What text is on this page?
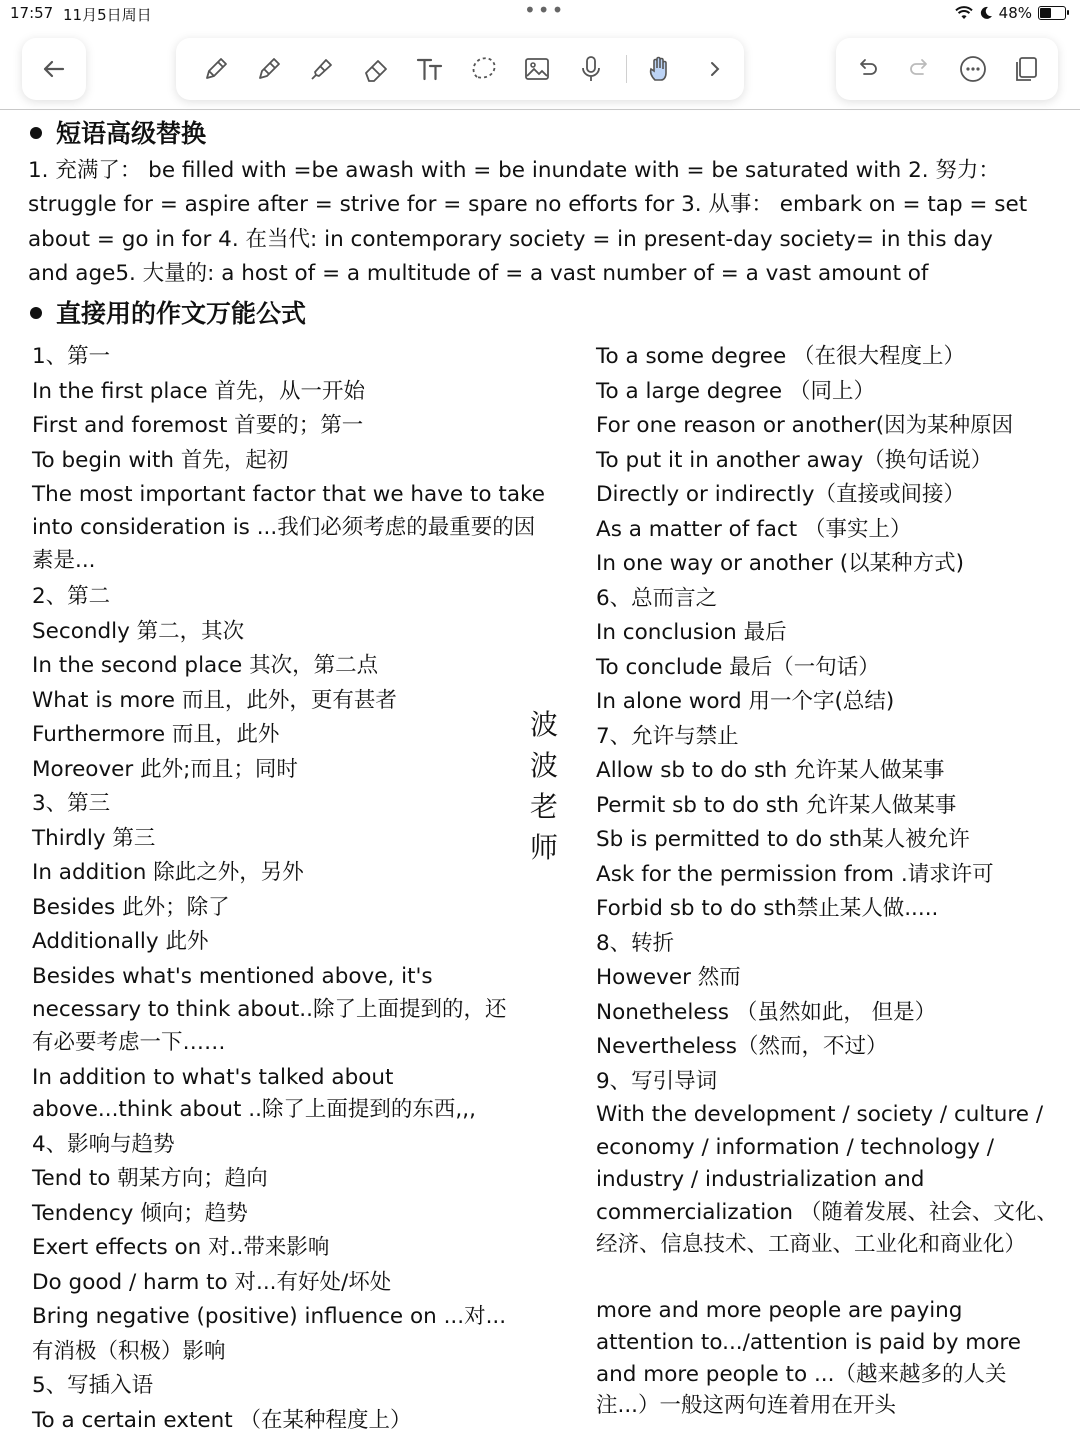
17:57 11月5日周日	•••	48%
短语高级替换
1. 充满了： be filled with =be awash with = be inundate with = be saturated with 2. 努力：
struggle for = aspire after = strive for = spare no efforts for 3. 从事： embark on = tap = set
about = go in for 4. 在当代: in contemporary society = in present-day society= in this day
and age5. 大量的: a host of = a multitude of = a vast number of = a vast amount of
直接用的作文万能公式
1、第一
In the first place 首先，从一开始
First and foremost 首要的；第一
To begin with 首先，起初
The most important factor that we have to take into consideration is ...我们必须考虑的最重要的因素是...
2、第二
Secondly 第二，其次
In the second place 其次，第二点
What is more 而且，此外，更有甚者
Furthermore 而且，此外
Moreover 此外;而且；同时
3、第三
Thirdly 第三
In addition 除此之外，另外
Besides 此外；除了
Additionally 此外
Besides what's mentioned above, it's necessary to think about..除了上面提到的，还有必要考虑一下……
In addition to what's talked about above...think about ..除了上面提到的东西,,,
4、影响与趋势
Tend to 朝某方向；趋向
Tendency 倾向；趋势
Exert effects on 对..带来影响
Do good / harm to 对...有好处/坏处
Bring negative (positive) influence on ...对...
有消极（积极）影响
5、写插入语
To a certain extent （在某种程度上）
波
波
老
师
To a some degree （在很大程度上）
To a large degree （同上）
For one reason or another(因为某种原因
To put it in another away（换句话说）
Directly or indirectly（直接或间接）
As a matter of fact （事实上）
In one way or another (以某种方式)
6、总而言之
In conclusion 最后
To conclude 最后（一句话）
In alone word 用一个字(总结)
7、允许与禁止
Allow sb to do sth 允许某人做某事
Permit sb to do sth 允许某人做某事
Sb is permitted to do sth某人被允许
Ask for the permission from .请求许可
Forbid sb to do sth禁止某人做.....
8、转折
However 然而
Nonetheless （虽然如此， 但是）
Nevertheless（然而，不过）
9、写引导词
With the development / society / culture / economy / information / technology / industry / industrialization and commercialization （随着发展、社会、文化、经济、信息技术、工商业、工业化和商业化）
more and more people are paying attention to.../attention is paid by more and more people to ...（越来越多的人关注...）一般这两句连着用在开头
